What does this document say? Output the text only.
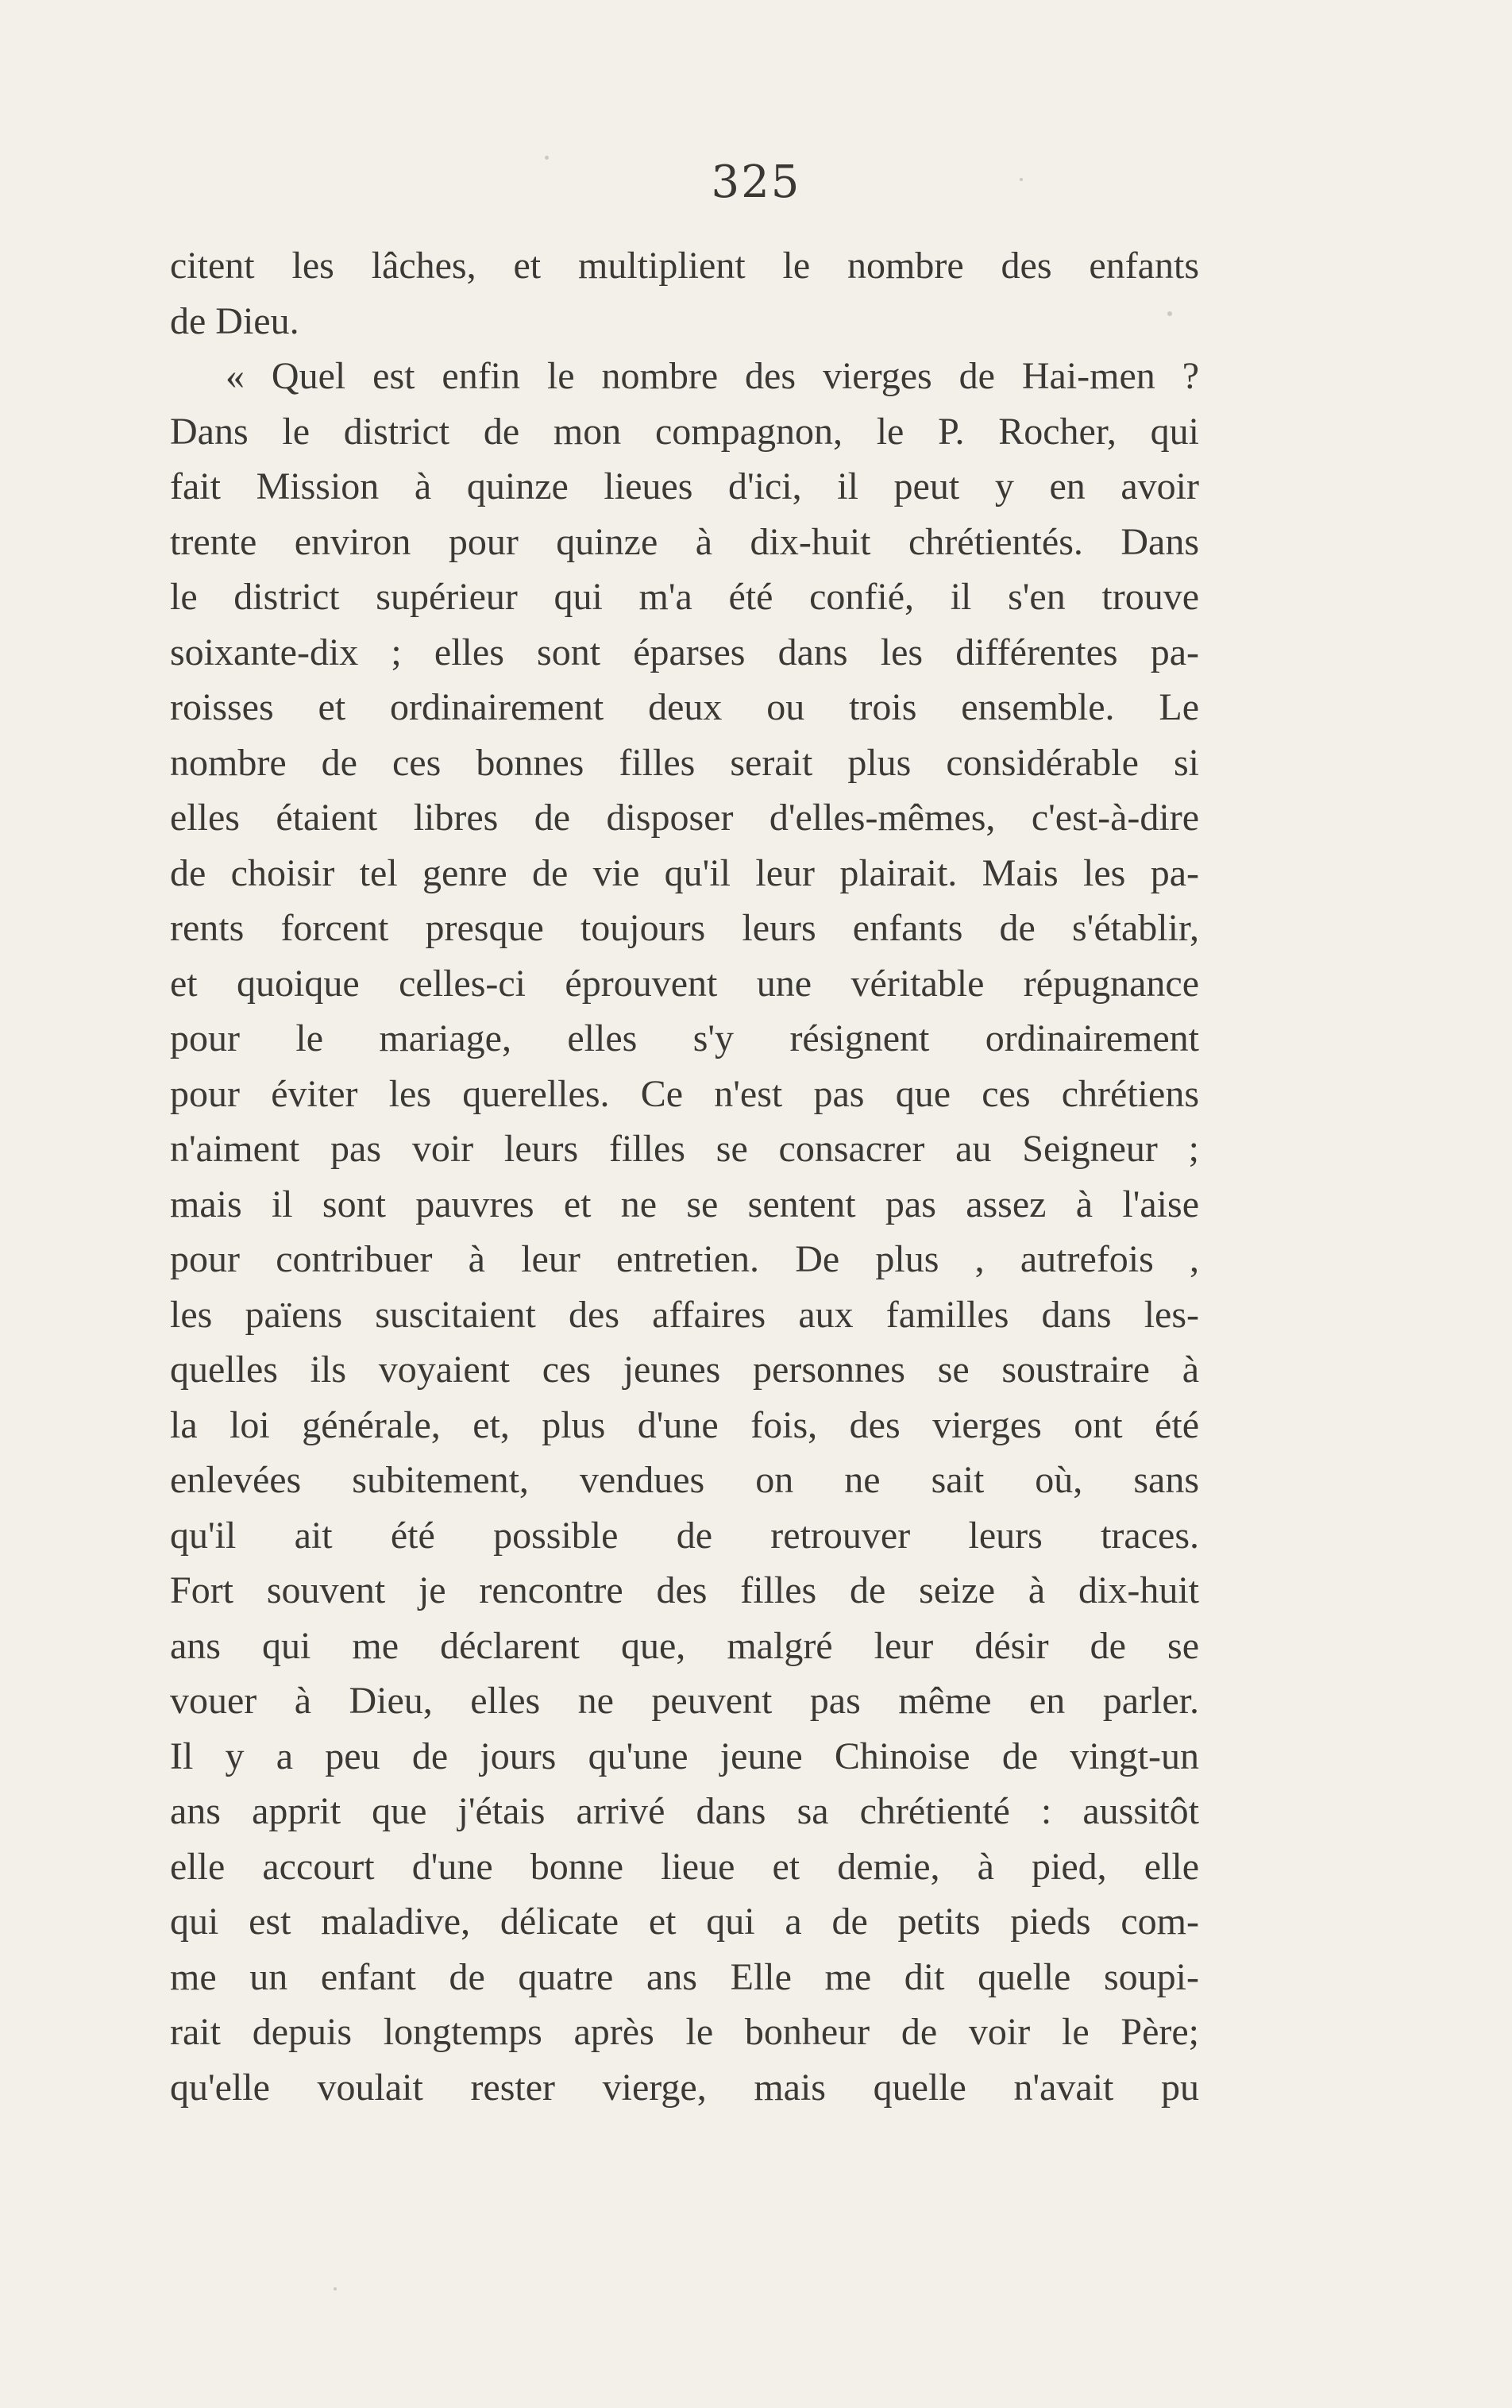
325
citent les lâches, et multiplient le nombre des enfants
de Dieu.
« Quel est enfin le nombre des vierges de Hai-men ?
Dans le district de mon compagnon, le P. Rocher, qui
fait Mission à quinze lieues d'ici, il peut y en avoir
trente environ pour quinze à dix-huit chrétientés. Dans
le district supérieur qui m'a été confié, il s'en trouve
soixante-dix ; elles sont éparses dans les différentes pa-
roisses et ordinairement deux ou trois ensemble. Le
nombre de ces bonnes filles serait plus considérable si
elles étaient libres de disposer d'elles-mêmes, c'est-à-dire
de choisir tel genre de vie qu'il leur plairait. Mais les pa-
rents forcent presque toujours leurs enfants de s'établir,
et quoique celles-ci éprouvent une véritable répugnance
pour le mariage, elles s'y résignent ordinairement
pour éviter les querelles. Ce n'est pas que ces chrétiens
n'aiment pas voir leurs filles se consacrer au Seigneur ;
mais il sont pauvres et ne se sentent pas assez à l'aise
pour contribuer à leur entretien. De plus , autrefois ,
les païens suscitaient des affaires aux familles dans les-
quelles ils voyaient ces jeunes personnes se soustraire à
la loi générale, et, plus d'une fois, des vierges ont été
enlevées subitement, vendues on ne sait où, sans
qu'il ait été possible de retrouver leurs traces.
Fort souvent je rencontre des filles de seize à dix-huit
ans qui me déclarent que, malgré leur désir de se
vouer à Dieu, elles ne peuvent pas même en parler.
Il y a peu de jours qu'une jeune Chinoise de vingt-un
ans apprit que j'étais arrivé dans sa chrétienté : aussitôt
elle accourt d'une bonne lieue et demie, à pied, elle
qui est maladive, délicate et qui a de petits pieds com-
me un enfant de quatre ans Elle me dit quelle soupi-
rait depuis longtemps après le bonheur de voir le Père;
qu'elle voulait rester vierge, mais quelle n'avait pu
